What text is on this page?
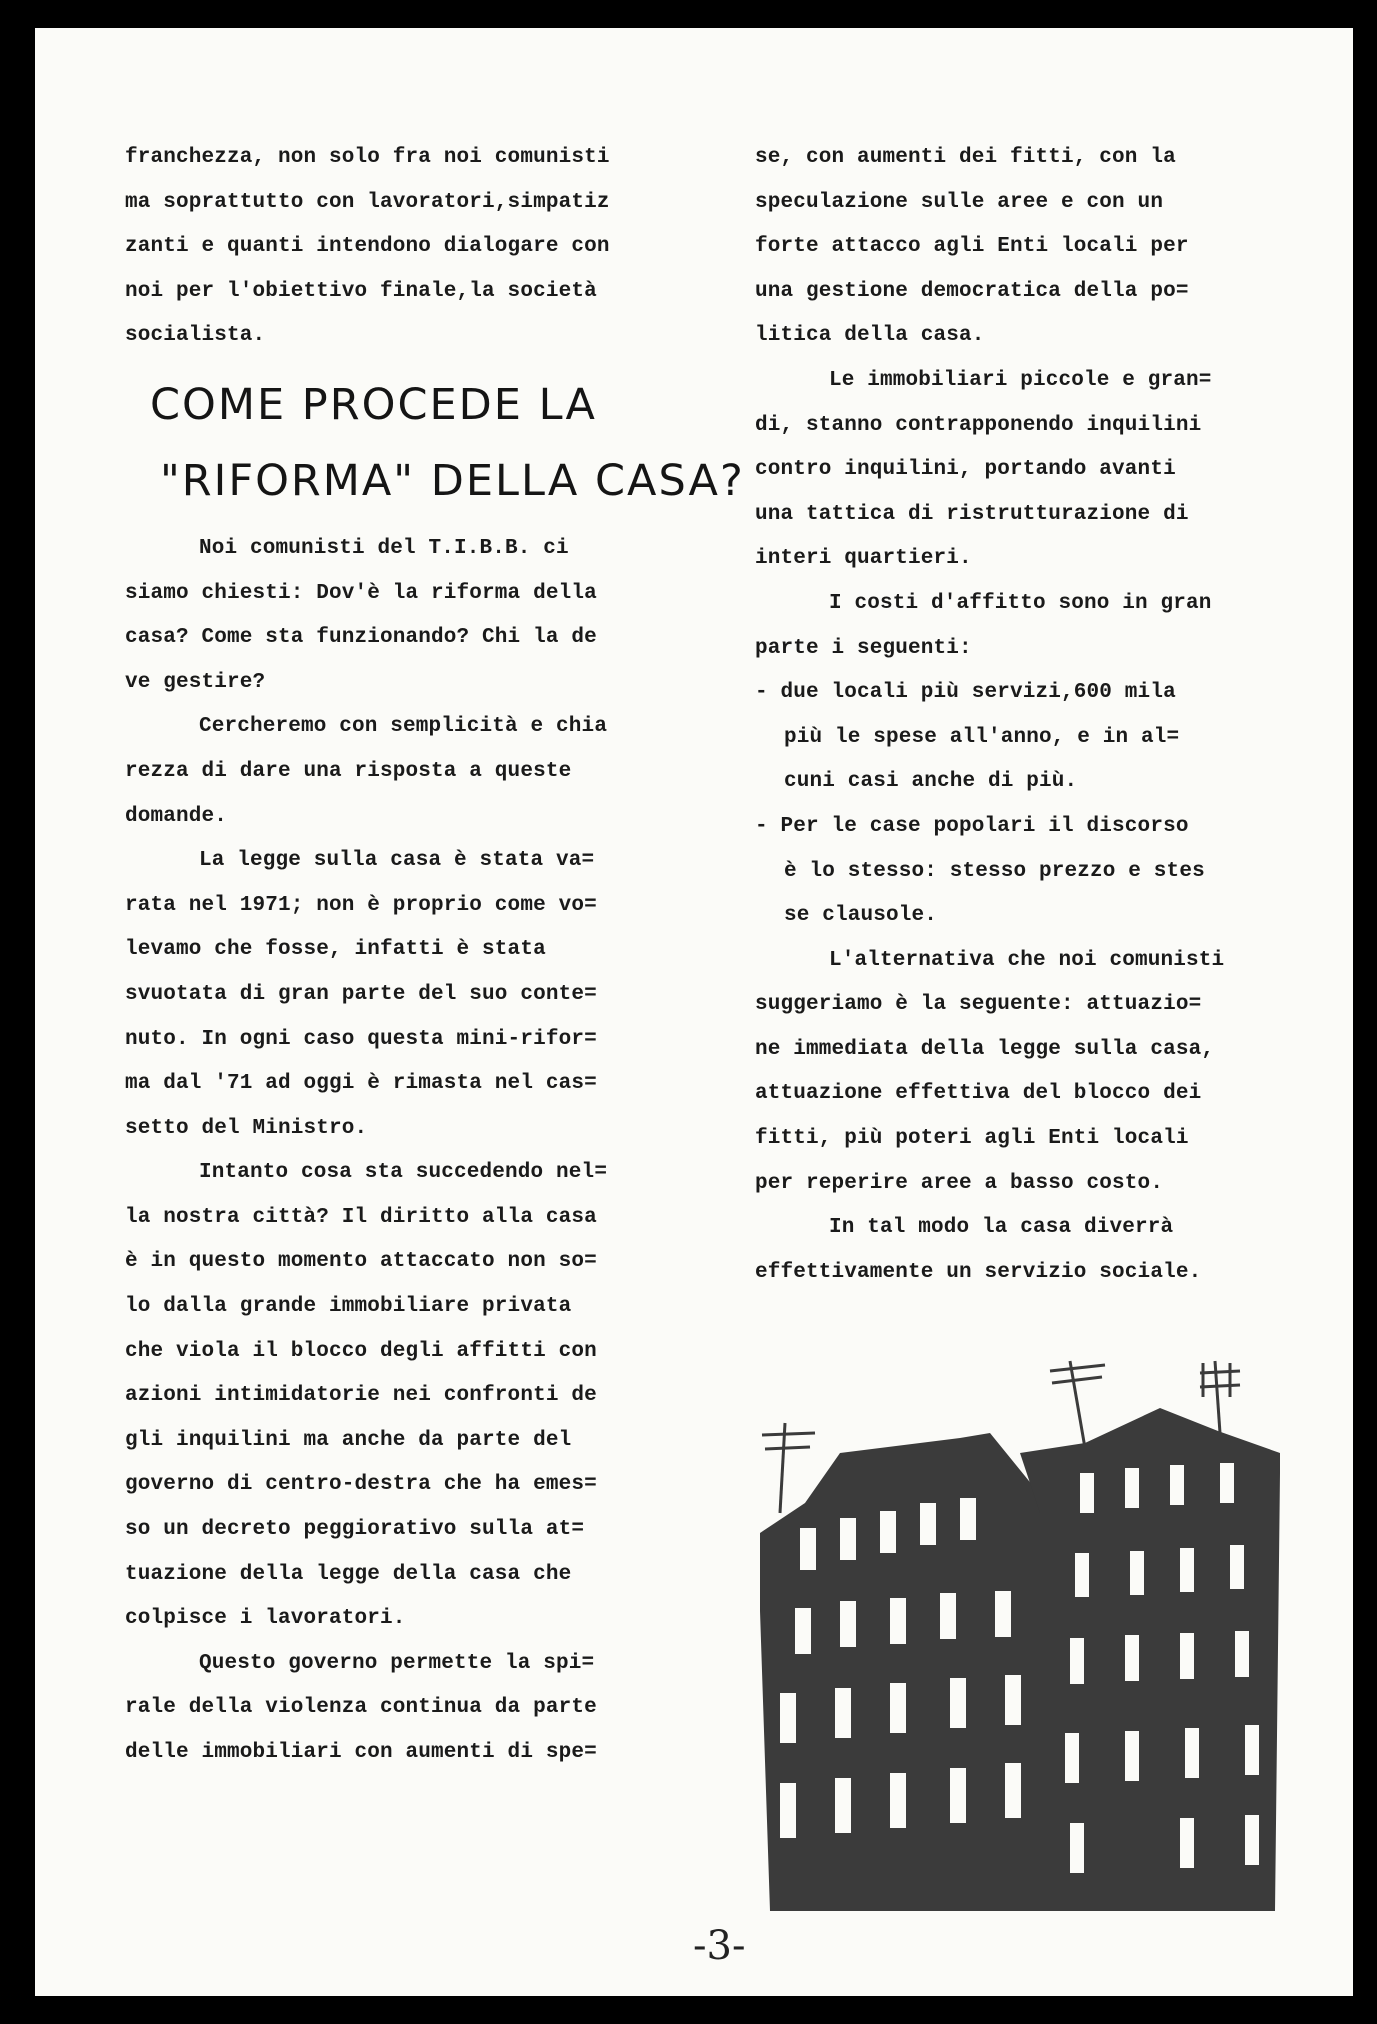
franchezza, non solo fra noi comunisti
ma soprattutto con lavoratori,simpatiz
zanti e quanti intendono dialogare con
noi per l'obiettivo finale,la società
socialista.
COME PROCEDE LA
"RIFORMA" DELLA CASA?
Noi comunisti del T.I.B.B. ci
siamo chiesti: Dov'è la riforma della
casa? Come sta funzionando? Chi la de
ve gestire?
Cercheremo con semplicità e chia
rezza di dare una risposta a queste
domande.
La legge sulla casa è stata va=
rata nel 1971; non è proprio come vo=
levamo che fosse, infatti è stata
svuotata di gran parte del suo conte=
nuto. In ogni caso questa mini-rifor=
ma dal '71 ad oggi è rimasta nel cas=
setto del Ministro.
Intanto cosa sta succedendo nel=
la nostra città? Il diritto alla casa
è in questo momento attaccato non so=
lo dalla grande immobiliare privata
che viola il blocco degli affitti con
azioni intimidatorie nei confronti de
gli inquilini ma anche da parte del
governo di centro-destra che ha emes=
so un decreto peggiorativo sulla at=
tuazione della legge della casa che
colpisce i lavoratori.
Questo governo permette la spi=
rale della violenza continua da parte
delle immobiliari con aumenti di spe=
se, con aumenti dei fitti, con la
speculazione sulle aree e con un
forte attacco agli Enti locali per
una gestione democratica della po=
litica della casa.
Le immobiliari piccole e gran=
di, stanno contrapponendo inquilini
contro inquilini, portando avanti
una tattica di ristrutturazione di
interi quartieri.
I costi d'affitto sono in gran
parte i seguenti:
- due locali più servizi,600 mila
più le spese all'anno, e in al=
cuni casi anche di più.
- Per le case popolari il discorso
è lo stesso: stesso prezzo e stes
se clausole.
L'alternativa che noi comunisti
suggeriamo è la seguente: attuazio=
ne immediata della legge sulla casa,
attuazione effettiva del blocco dei
fitti, più poteri agli Enti locali
per reperire aree a basso costo.
In tal modo la casa diverrà
effettivamente un servizio sociale.
-3-
